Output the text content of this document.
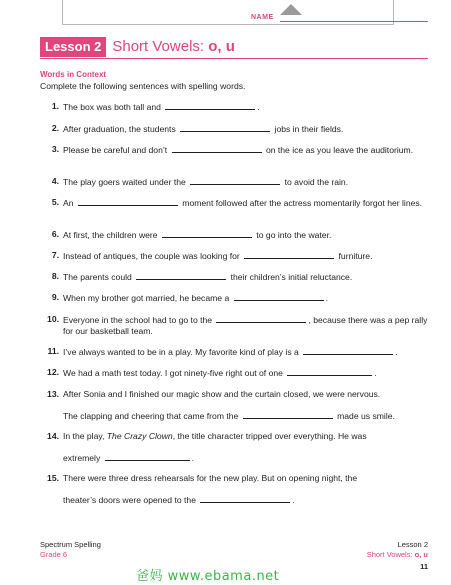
NAME
Lesson 2 Short Vowels: o, u
Words in Context
Complete the following sentences with spelling words.
1. The box was both tall and	.
2. After graduation, the students	jobs in their fields.
3. Please be careful and don’t	on the ice as you leave the auditorium.
4. The play goers waited under the	to avoid the rain.
5. An	moment followed after the actress momentarily forgot her lines.
6. At first, the children were	to go into the water.
7. Instead of antiques, the couple was looking for	furniture.
8. The parents could	their children’s initial reluctance.
9. When my brother got married, he became a	.
10. Everyone in the school had to go to the	, because there was a pep rally for our basketball team.
11. I’ve always wanted to be in a play. My favorite kind of play is a	.
12. We had a math test today. I got ninety-five right out of one	.
13. After Sonia and I finished our magic show and the curtain closed, we were nervous.
The clapping and cheering that came from the	made us smile.
14. In the play, The Crazy Clown, the title character tripped over everything. He was
extremely	.
15. There were three dress rehearsals for the new play. But on opening night, the
theater’s doors were opened to the	.
Spectrum Spelling
Grade 6
Lesson 2
Short Vowels: o, u
11
爸妈 www.ebama.net
